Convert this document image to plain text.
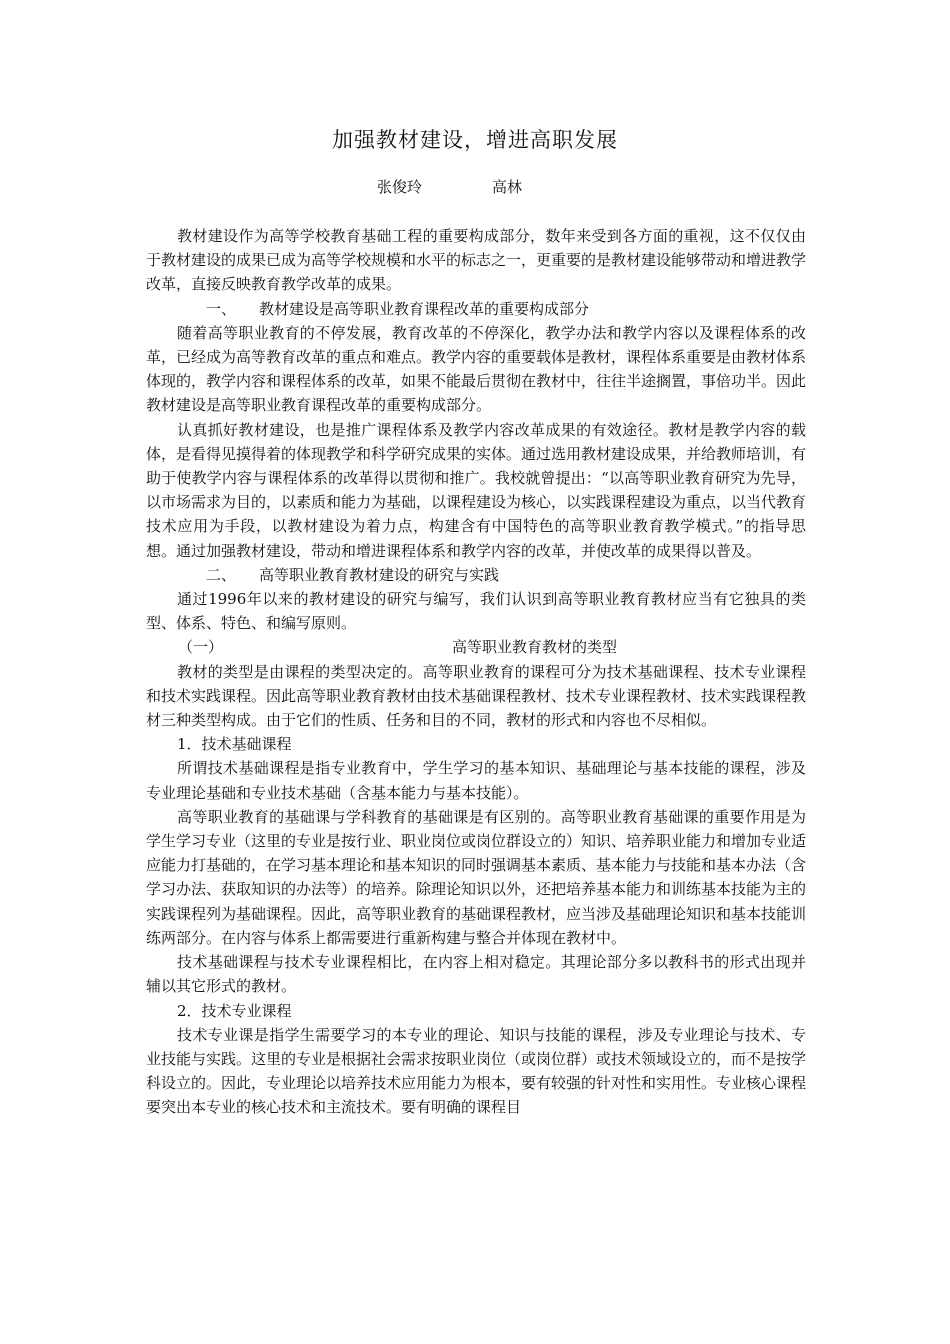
加强教材建设，增进高职发展
张俊玲	高林
教材建设作为高等学校教育基础工程的重要构成部分，数年来受到各方面的重视，这不仅仅由于教材建设的成果已成为高等学校规模和水平的标志之一，更重要的是教材建设能够带动和增进教学改革，直接反映教育教学改革的成果。
一、 教材建设是高等职业教育课程改革的重要构成部分
随着高等职业教育的不停发展，教育改革的不停深化，教学办法和教学内容以及课程体系的改革，已经成为高等教育改革的重点和难点。教学内容的重要载体是教材，课程体系重要是由教材体系体现的，教学内容和课程体系的改革，如果不能最后贯彻在教材中，往往半途搁置，事倍功半。因此教材建设是高等职业教育课程改革的重要构成部分。
认真抓好教材建设，也是推广课程体系及教学内容改革成果的有效途径。教材是教学内容的载体，是看得见摸得着的体现教学和科学研究成果的实体。通过选用教材建设成果，并给教师培训，有助于使教学内容与课程体系的改革得以贯彻和推广。我校就曾提出：“以高等职业教育研究为先导，以市场需求为目的，以素质和能力为基础，以课程建设为核心，以实践课程建设为重点，以当代教育技术应用为手段，以教材建设为着力点，构建含有中国特色的高等职业教育教学模式。”的指导思想。通过加强教材建设，带动和增进课程体系和教学内容的改革，并使改革的成果得以普及。
二、 高等职业教育教材建设的研究与实践
通过1996年以来的教材建设的研究与编写，我们认识到高等职业教育教材应当有它独具的类型、体系、特色、和编写原则。
（一）	高等职业教育教材的类型
教材的类型是由课程的类型决定的。高等职业教育的课程可分为技术基础课程、技术专业课程和技术实践课程。因此高等职业教育教材由技术基础课程教材、技术专业课程教材、技术实践课程教材三种类型构成。由于它们的性质、任务和目的不同，教材的形式和内容也不尽相似。
1．技术基础课程
所谓技术基础课程是指专业教育中，学生学习的基本知识、基础理论与基本技能的课程，涉及专业理论基础和专业技术基础（含基本能力与基本技能）。
高等职业教育的基础课与学科教育的基础课是有区别的。高等职业教育基础课的重要作用是为学生学习专业（这里的专业是按行业、职业岗位或岗位群设立的）知识、培养职业能力和增加专业适应能力打基础的，在学习基本理论和基本知识的同时强调基本素质、基本能力与技能和基本办法（含学习办法、获取知识的办法等）的培养。除理论知识以外，还把培养基本能力和训练基本技能为主的实践课程列为基础课程。因此，高等职业教育的基础课程教材，应当涉及基础理论知识和基本技能训练两部分。在内容与体系上都需要进行重新构建与整合并体现在教材中。
技术基础课程与技术专业课程相比，在内容上相对稳定。其理论部分多以教科书的形式出现并辅以其它形式的教材。
2．技术专业课程
技术专业课是指学生需要学习的本专业的理论、知识与技能的课程，涉及专业理论与技术、专业技能与实践。这里的专业是根据社会需求按职业岗位（或岗位群）或技术领域设立的，而不是按学科设立的。因此，专业理论以培养技术应用能力为根本，要有较强的针对性和实用性。专业核心课程要突出本专业的核心技术和主流技术。要有明确的课程目
